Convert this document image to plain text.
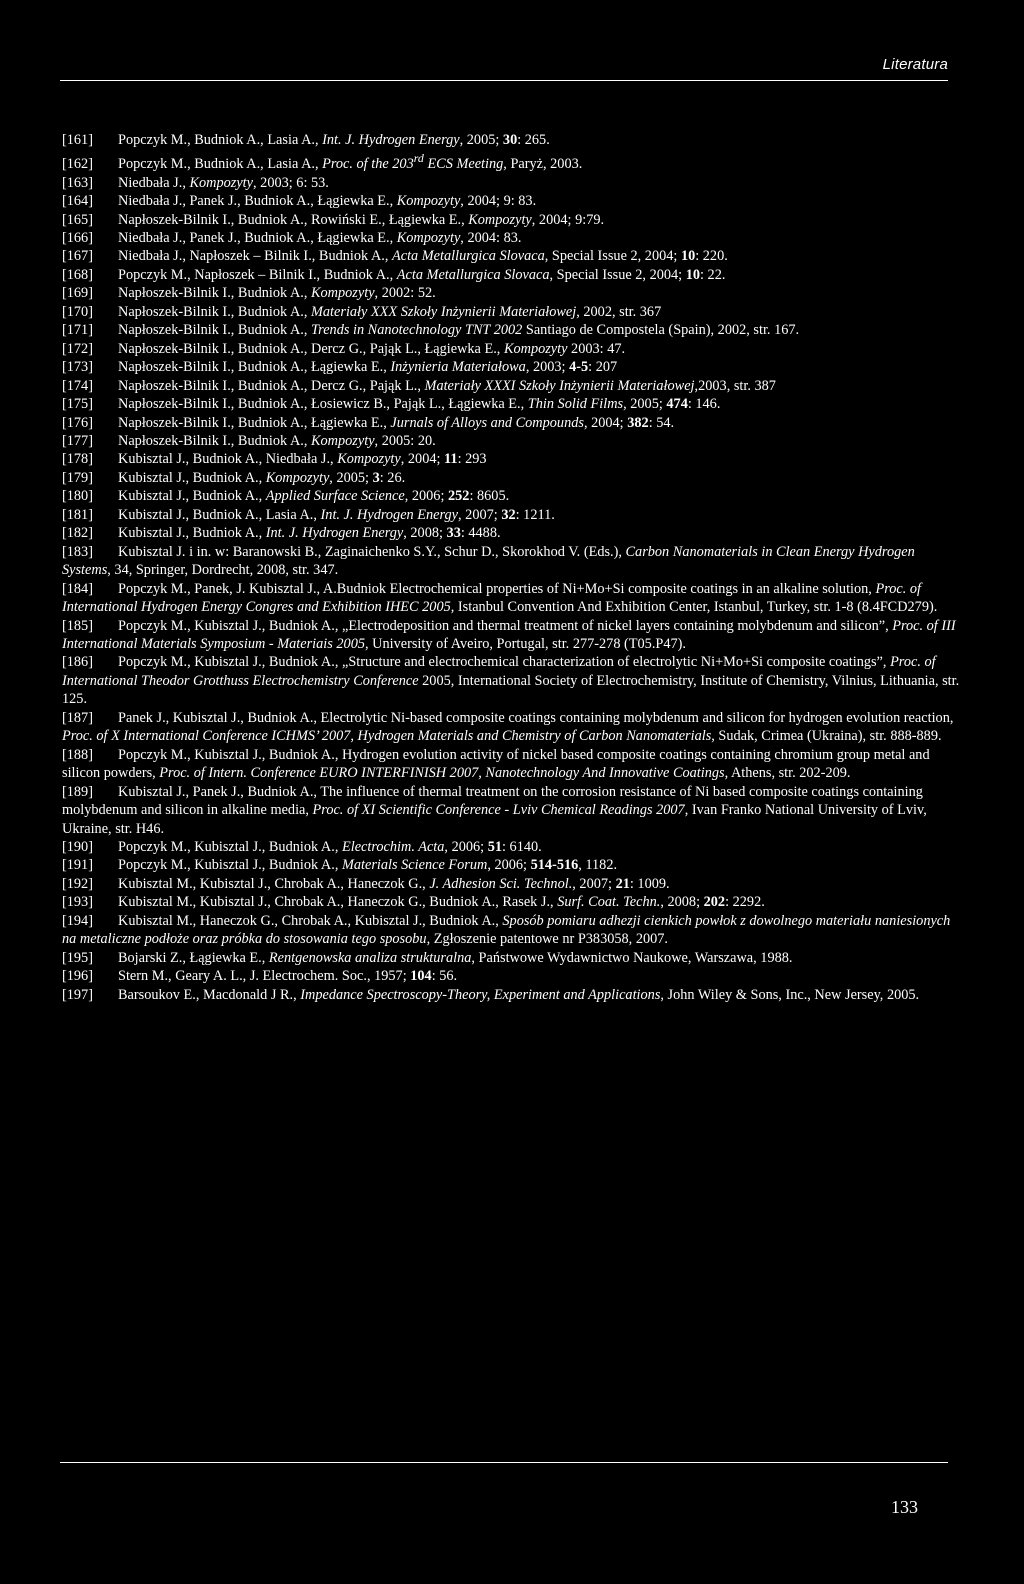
Literatura
[161] Popczyk M., Budniok A., Lasia A., Int. J. Hydrogen Energy, 2005; 30: 265.
[162] Popczyk M., Budniok A., Lasia A., Proc. of the 203rd ECS Meeting, Paryż, 2003.
[163] Niedbała J., Kompozyty, 2003; 6: 53.
[164] Niedbała J., Panek J., Budniok A., Łągiewka E., Kompozyty, 2004; 9: 83.
[165] Napłoszek-Bilnik I., Budniok A., Rowiński E., Łągiewka E., Kompozyty, 2004; 9:79.
[166] Niedbała J., Panek J., Budniok A., Łągiewka E., Kompozyty, 2004: 83.
[167] Niedbała J., Napłoszek – Bilnik I., Budniok A., Acta Metallurgica Slovaca, Special Issue 2, 2004; 10: 220.
[168] Popczyk M., Napłoszek – Bilnik I., Budniok A., Acta Metallurgica Slovaca, Special Issue 2, 2004; 10: 22.
[169] Napłoszek-Bilnik I., Budniok A., Kompozyty, 2002: 52.
[170] Napłoszek-Bilnik I., Budniok A., Materiały XXX Szkoły Inżynierii Materiałowej, 2002, str. 367
[171] Napłoszek-Bilnik I., Budniok A., Trends in Nanotechnology TNT 2002 Santiago de Compostela (Spain), 2002, str. 167.
[172] Napłoszek-Bilnik I., Budniok A., Dercz G., Pająk L., Łągiewka E., Kompozyty 2003: 47.
[173] Napłoszek-Bilnik I., Budniok A., Łągiewka E., Inżynieria Materiałowa, 2003; 4-5: 207
[174] Napłoszek-Bilnik I., Budniok A., Dercz G., Pająk L., Materiały XXXI Szkoły Inżynierii Materiałowej,2003, str. 387
[175] Napłoszek-Bilnik I., Budniok A., Łosiewicz B., Pająk L., Łągiewka E., Thin Solid Films, 2005; 474: 146.
[176] Napłoszek-Bilnik I., Budniok A., Łągiewka E., Jurnals of Alloys and Compounds, 2004; 382: 54.
[177] Napłoszek-Bilnik I., Budniok A., Kompozyty, 2005: 20.
[178] Kubisztal J., Budniok A., Niedbała J., Kompozyty, 2004; 11: 293
[179] Kubisztal J., Budniok A., Kompozyty, 2005; 3: 26.
[180] Kubisztal J., Budniok A., Applied Surface Science, 2006; 252: 8605.
[181] Kubisztal J., Budniok A., Lasia A., Int. J. Hydrogen Energy, 2007; 32: 1211.
[182] Kubisztal J., Budniok A., Int. J. Hydrogen Energy, 2008; 33: 4488.
[183] Kubisztal J. i in. w: Baranowski B., Zaginaichenko S.Y., Schur D., Skorokhod V. (Eds.), Carbon Nanomaterials in Clean Energy Hydrogen Systems, 34, Springer, Dordrecht, 2008, str. 347.
[184] Popczyk M., Panek, J. Kubisztal J., A.Budniok Electrochemical properties of Ni+Mo+Si composite coatings in an alkaline solution, Proc. of International Hydrogen Energy Congres and Exhibition IHEC 2005, Istanbul Convention And Exhibition Center, Istanbul, Turkey, str. 1-8 (8.4FCD279).
[185] Popczyk M., Kubisztal J., Budniok A., „Electrodeposition and thermal treatment of nickel layers containing molybdenum and silicon”, Proc. of III International Materials Symposium - Materiais 2005, University of Aveiro, Portugal, str. 277-278 (T05.P47).
[186] Popczyk M., Kubisztal J., Budniok A., „Structure and electrochemical characterization of electrolytic Ni+Mo+Si composite coatings”, Proc. of International Theodor Grotthuss Electrochemistry Conference 2005, International Society of Electrochemistry, Institute of Chemistry, Vilnius, Lithuania, str. 125.
[187] Panek J., Kubisztal J., Budniok A., Electrolytic Ni-based composite coatings containing molybdenum and silicon for hydrogen evolution reaction, Proc. of X International Conference ICHMS’ 2007, Hydrogen Materials and Chemistry of Carbon Nanomaterials, Sudak, Crimea (Ukraina), str. 888-889.
[188] Popczyk M., Kubisztal J., Budniok A., Hydrogen evolution activity of nickel based composite coatings containing chromium group metal and silicon powders, Proc. of Intern. Conference EURO INTERFINISH 2007, Nanotechnology And Innovative Coatings, Athens, str. 202-209.
[189] Kubisztal J., Panek J., Budniok A., The influence of thermal treatment on the corrosion resistance of Ni based composite coatings containing molybdenum and silicon in alkaline media, Proc. of XI Scientific Conference - Lviv Chemical Readings 2007, Ivan Franko National University of Lviv, Ukraine, str. H46.
[190] Popczyk M., Kubisztal J., Budniok A., Electrochim. Acta, 2006; 51: 6140.
[191] Popczyk M., Kubisztal J., Budniok A., Materials Science Forum, 2006; 514-516, 1182.
[192] Kubisztal M., Kubisztal J., Chrobak A., Haneczok G., J. Adhesion Sci. Technol., 2007; 21: 1009.
[193] Kubisztal M., Kubisztal J., Chrobak A., Haneczok G., Budniok A., Rasek J., Surf. Coat. Techn., 2008; 202: 2292.
[194] Kubisztal M., Haneczok G., Chrobak A., Kubisztal J., Budniok A., Sposób pomiaru adhezji cienkich powłok z dowolnego materiału naniesionych na metaliczne podłoże oraz próbka do stosowania tego sposobu, Zgłoszenie patentowe nr P383058, 2007.
[195] Bojarski Z., Łągiewka E., Rentgenowska analiza strukturalna, Państwowe Wydawnictwo Naukowe, Warszawa, 1988.
[196] Stern M., Geary A. L., J. Electrochem. Soc., 1957; 104: 56.
[197] Barsoukov E., Macdonald J R., Impedance Spectroscopy-Theory, Experiment and Applications, John Wiley & Sons, Inc., New Jersey, 2005.
133
